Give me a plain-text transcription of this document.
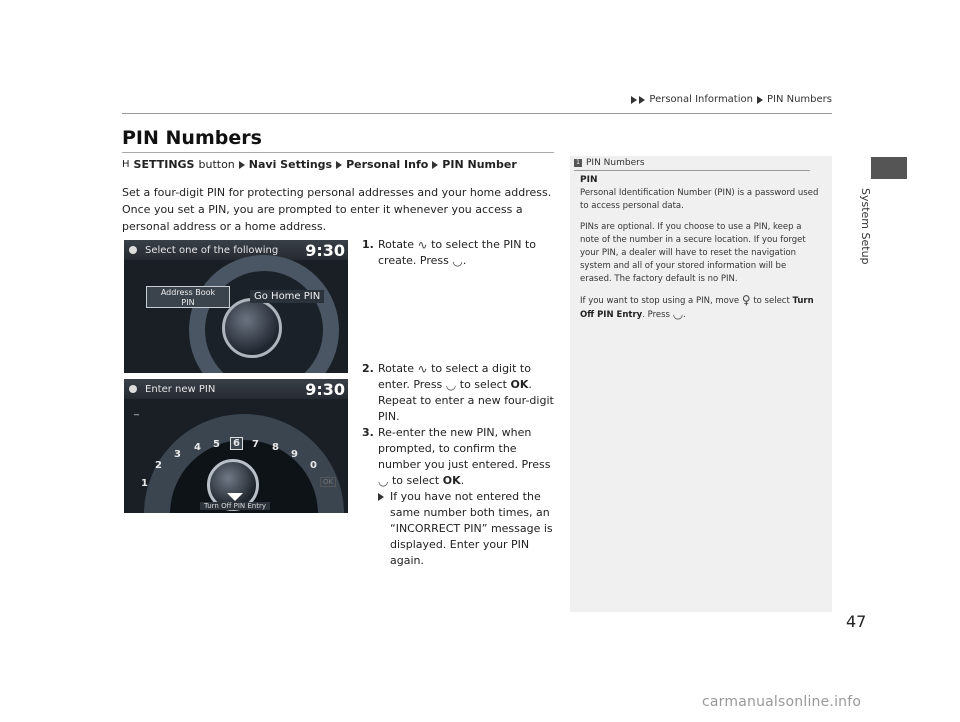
Personal Information PIN Numbers
System Setup
PIN Numbers
H SETTINGS button Navi Settings Personal Info PIN Number

Set a four-digit PIN for protecting personal addresses and your home address. Once you set a PIN, you are prompted to enter it whenever you access a personal address or a home address.

Select one of the following 9:30
Address Book
PIN
Go Home PIN
Enter new PIN	9:30
_
1
2
3
4 5	6	7 8
9
0
OK
Turn Off PIN Entry
1. Rotate ∿ to select the PIN to create. Press ◡.
2. Rotate ∿ to select a digit to enter. Press ◡ to select OK. Repeat to enter a new four-digit PIN.
3. Re-enter the new PIN, when prompted, to confirm the number you just entered. Press ◡ to select OK.
If you have not entered the same number both times, an “INCORRECT PIN” message is displayed. Enter your PIN again.
1 PIN Numbers
PIN

Personal Identification Number (PIN) is a password used to access personal data.

PINs are optional. If you choose to use a PIN, keep a note of the number in a secure location. If you forget your PIN, a dealer will have to reset the navigation system and all of your stored information will be erased. The factory default is no PIN.

If you want to stop using a PIN, move ♀ to select Turn Off PIN Entry. Press ◡.

47
carmanualsonline.info
